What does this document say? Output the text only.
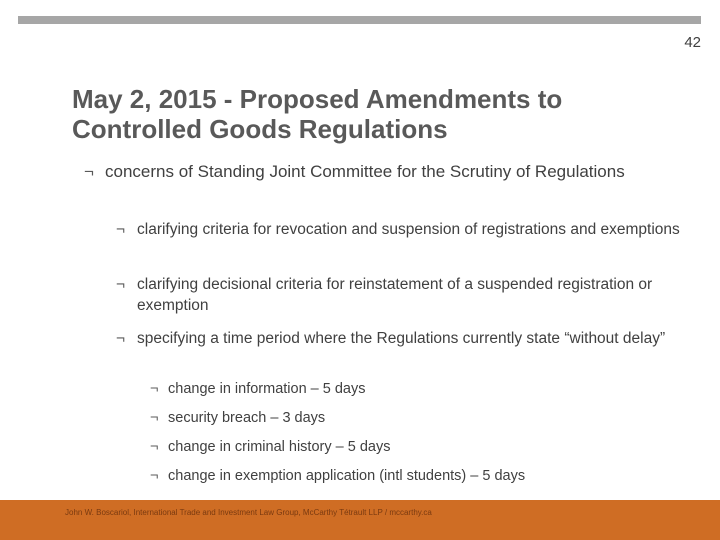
42
May 2, 2015 - Proposed Amendments to Controlled Goods Regulations
¬ concerns of Standing Joint Committee for the Scrutiny of Regulations
¬ clarifying criteria for revocation and suspension of registrations and exemptions
¬ clarifying decisional criteria for reinstatement of a suspended registration or exemption
¬ specifying a time period where the Regulations currently state “without delay”
¬ change in information – 5 days
¬ security breach – 3 days
¬ change in criminal history – 5 days
¬ change in exemption application (intl students) – 5 days
John W. Boscariol, International Trade and Investment Law Group, McCarthy Tétrault LLP / mccarthy.ca
